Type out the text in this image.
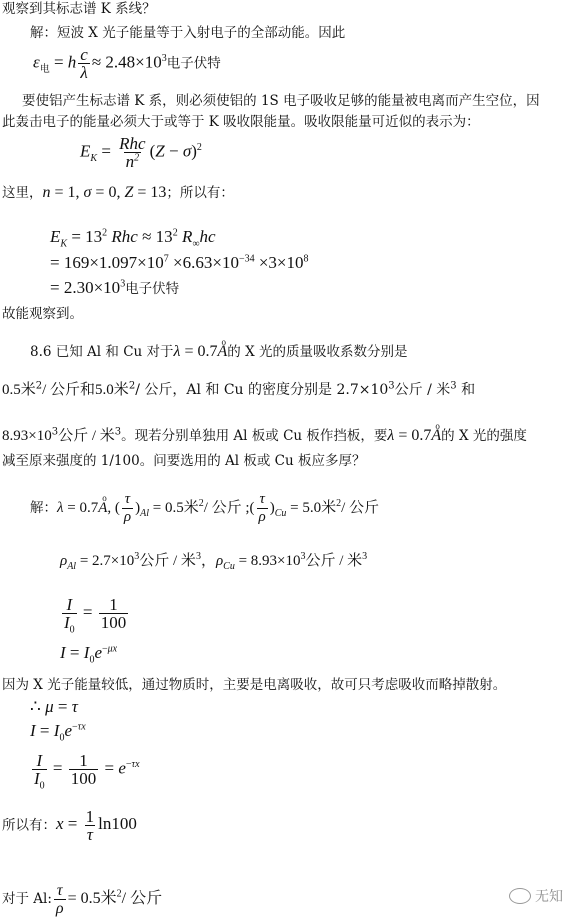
观察到其标志谱 K 系线？
解：短波 X 光子能量等于入射电子的全部动能。因此
$\varepsilon_电 = h \frac{c}{\lambda} \approx 2.48\times 10^3$电子伏特
要使铝产生标志谱 K 系，则必须使铝的 1S 电子吸收足够的能量被电离而产生空位，因
此轰击电子的能量必须大于或等于 K 吸收限能量。吸收限能量可近似的表示为：
$E_K = \frac{\text{Rhc}}{n^2} (Z - \sigma)^2$
这里，n = 1, σ = 0, Z = 13；所以有：
$E_K = 13^2$ Rhc ≈ $13^2$ $R_\infty hc$
= $169\times 1.097\times 10^7 \times 6.63\times 10^{-34} \times 3\times 10^8$
= $2.30\times 10^3$电子伏特
故能观察到。
8.6 已知 Al 和 Cu 对于λ = 0.7o A的 X 光的质量吸收系数分别是
0.5米$^2$/ 公斤和5.0米$^2$/ 公斤，Al 和 Cu 的密度分别是 $2.7\times 10^3$公斤 / 米$^3$ 和
$8.93\times 10^3$公斤 / 米$^3$。现若分别单独用 Al 板或 Cu 板作挡板，要λ = 0.7o A的 X 光的强度
减至原来强度的 1/100。问要选用的 Al 板或 Cu 板应多厚？
解：λ = 0.7o A, ( $\frac{\tau}{\rho} )_{Al} = 0.5$米$^2$/ 公斤 ;( $\frac{\tau}{\rho} )_{Cu} = 5.0$米$^2$/ 公斤
$\rho_{Al} = 2.7\times 10^3$公斤 / 米$^3$，$\rho_{Cu} = 8.93\times 10^3$公斤 / 米$^3$
$\frac{I}{I_0} = \frac{1}{100}$
$I = I_0e^{-\mu x}$
因为 X 光子能量较低，通过物质时，主要是电离吸收，故可只考虑吸收而略掉散射。
∴ μ = τ
$I = I_0e^{-\tau x}$
$\frac{I}{I_0} = \frac{1}{100} = e^{-\tau x}$
所以有：$x = \frac{1}{\tau} \ln 100$
对于 Al: $\frac{\tau}{\rho} = 0.5$米$^2$/ 公斤	无知
